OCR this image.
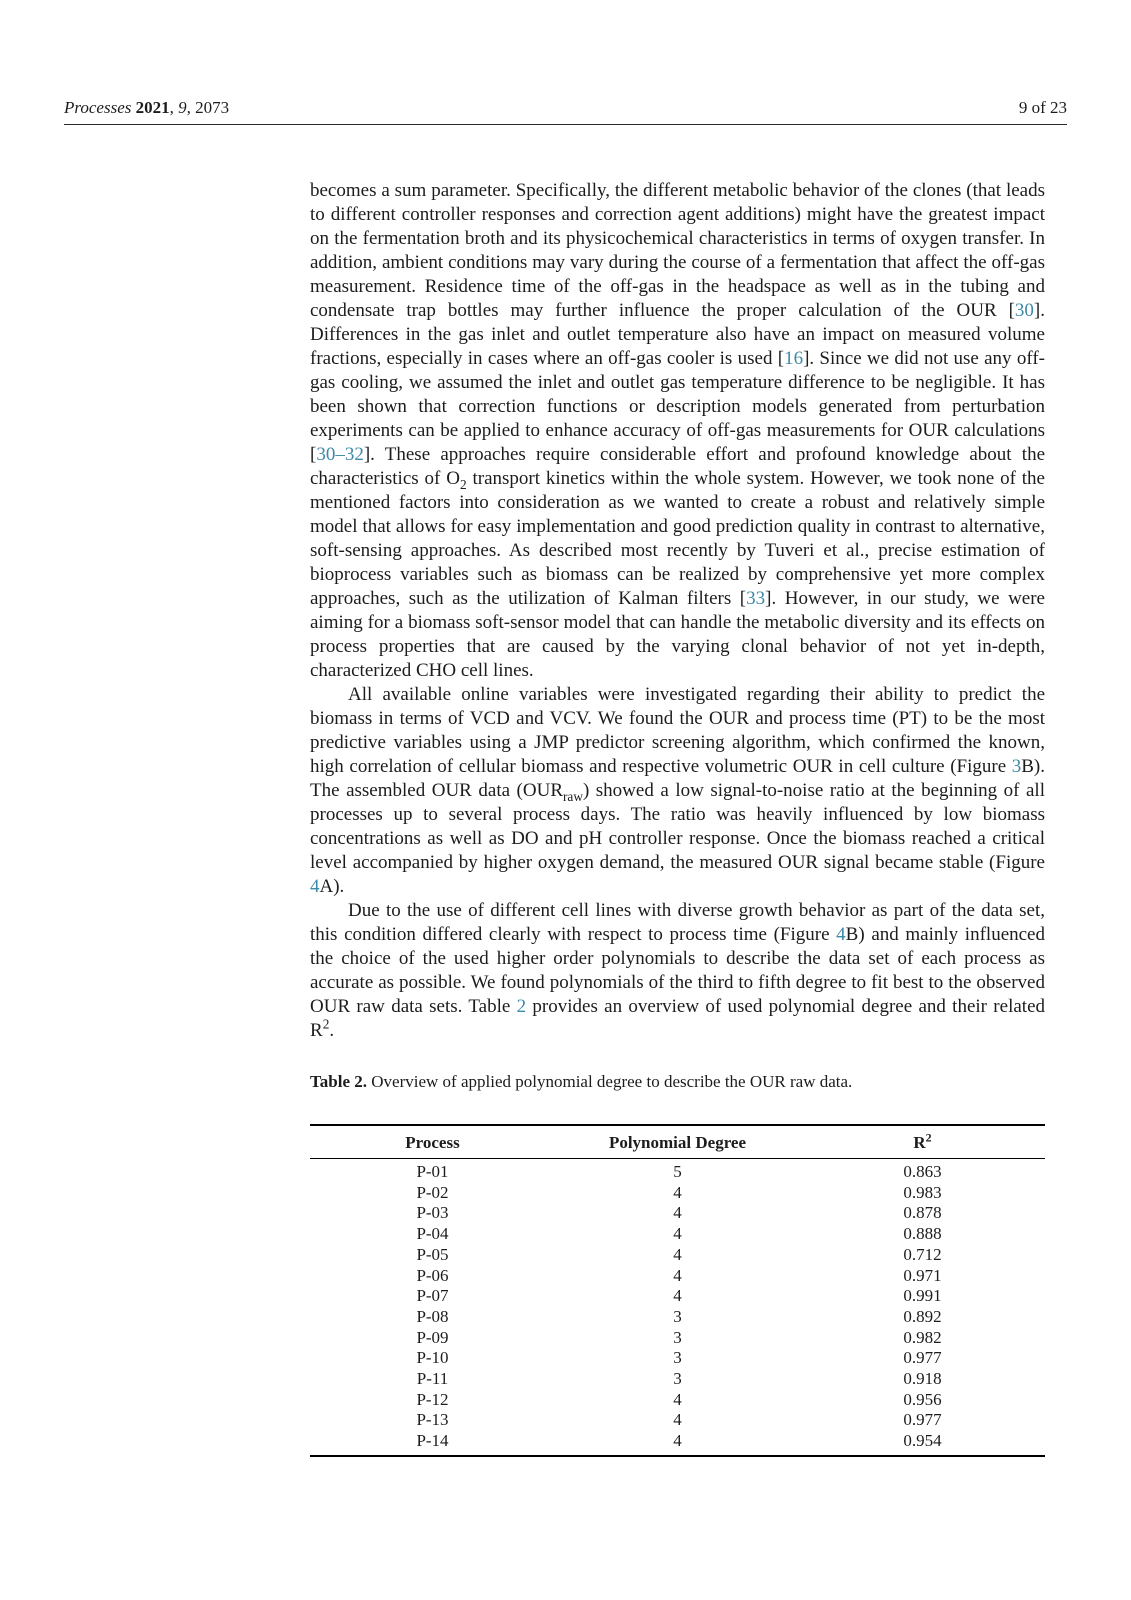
Processes 2021, 9, 2073	9 of 23

becomes a sum parameter. Specifically, the different metabolic behavior of the clones (that leads to different controller responses and correction agent additions) might have the greatest impact on the fermentation broth and its physicochemical characteristics in terms of oxygen transfer. In addition, ambient conditions may vary during the course of a fermentation that affect the off-gas measurement. Residence time of the off-gas in the headspace as well as in the tubing and condensate trap bottles may further influence the proper calculation of the OUR [30]. Differences in the gas inlet and outlet temperature also have an impact on measured volume fractions, especially in cases where an off-gas cooler is used [16]. Since we did not use any off-gas cooling, we assumed the inlet and outlet gas temperature difference to be negligible. It has been shown that correction functions or description models generated from perturbation experiments can be applied to enhance accuracy of off-gas measurements for OUR calculations [30–32]. These approaches require considerable effort and profound knowledge about the characteristics of $O_2$ transport kinetics within the whole system. However, we took none of the mentioned factors into consideration as we wanted to create a robust and relatively simple model that allows for easy implementation and good prediction quality in contrast to alternative, soft-sensing approaches. As described most recently by Tuveri et al., precise estimation of bioprocess variables such as biomass can be realized by comprehensive yet more complex approaches, such as the utilization of Kalman filters [33]. However, in our study, we were aiming for a biomass soft-sensor model that can handle the metabolic diversity and its effects on process properties that are caused by the varying clonal behavior of not yet in-depth, characterized CHO cell lines.

All available online variables were investigated regarding their ability to predict the biomass in terms of VCD and VCV. We found the OUR and process time (PT) to be the most predictive variables using a JMP predictor screening algorithm, which confirmed the known, high correlation of cellular biomass and respective volumetric OUR in cell culture (Figure 3B). The assembled OUR data $(OUR_{raw})$ showed a low signal-to-noise ratio at the beginning of all processes up to several process days. The ratio was heavily influenced by low biomass concentrations as well as DO and pH controller response. Once the biomass reached a critical level accompanied by higher oxygen demand, the measured OUR signal became stable (Figure 4A).

Due to the use of different cell lines with diverse growth behavior as part of the data set, this condition differed clearly with respect to process time (Figure 4B) and mainly influenced the choice of the used higher order polynomials to describe the data set of each process as accurate as possible. We found polynomials of the third to fifth degree to fit best to the observed OUR raw data sets. Table 2 provides an overview of used polynomial degree and their related $R^2$.

Table 2. Overview of applied polynomial degree to describe the OUR raw data.
Process	Polynomial Degree	$R^2$
P-01	5	0.863
P-02	4	0.983
P-03	4	0.878
P-04	4	0.888
P-05	4	0.712
P-06	4	0.971
P-07	4	0.991
P-08	3	0.892
P-09	3	0.982
P-10	3	0.977
P-11	3	0.918
P-12	4	0.956
P-13	4	0.977
P-14	4	0.954
